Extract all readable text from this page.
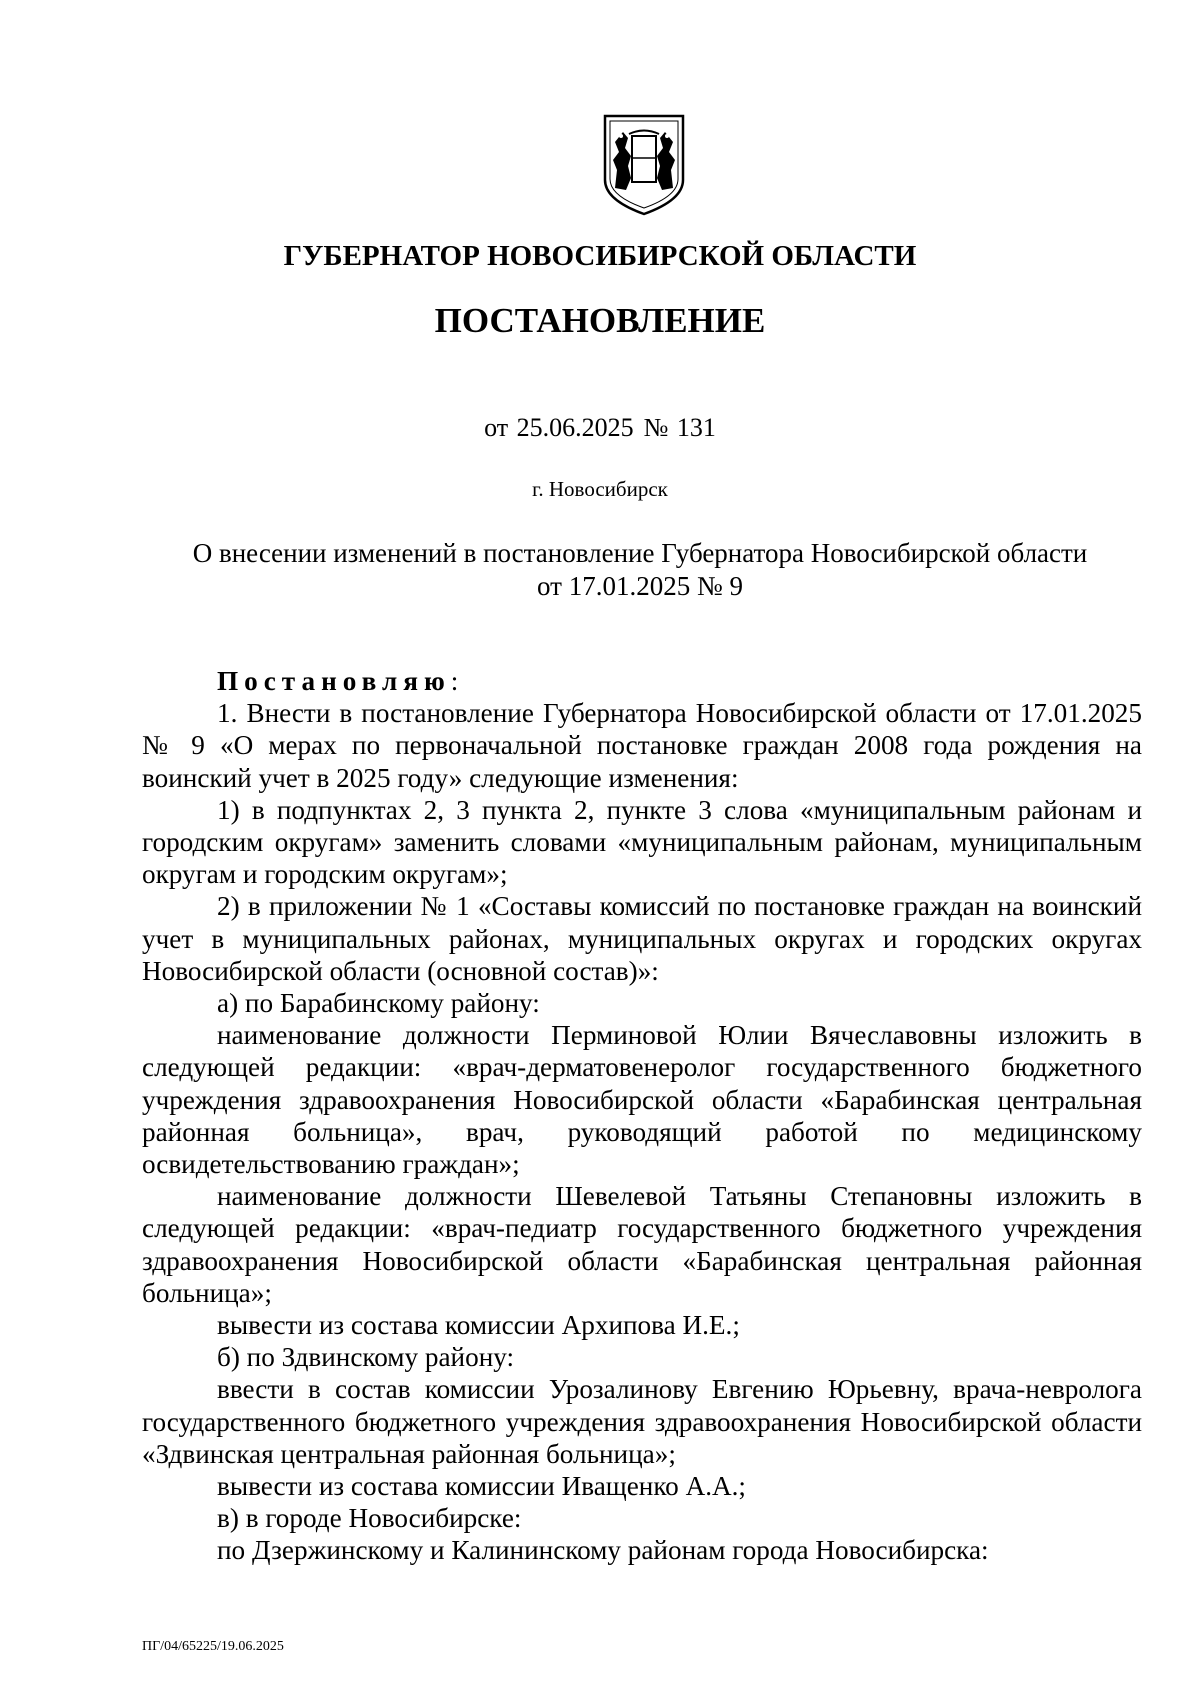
ГУБЕРНАТОР НОВОСИБИРСКОЙ ОБЛАСТИ
ПОСТАНОВЛЕНИЕ
от 25.06.2025 № 131
г. Новосибирск
О внесении изменений в постановление Губернатора Новосибирской области
от 17.01.2025 № 9

Постановляю:

1. Внести в постановление Губернатора Новосибирской области от 17.01.2025 № 9 «О мерах по первоначальной постановке граждан 2008 года рождения на воинский учет в 2025 году» следующие изменения:

1) в подпунктах 2, 3 пункта 2, пункте 3 слова «муниципальным районам и городским округам» заменить словами «муниципальным районам, муниципальным округам и городским округам»;

2) в приложении № 1 «Составы комиссий по постановке граждан на воинский учет в муниципальных районах, муниципальных округах и городских округах Новосибирской области (основной состав)»:

а) по Барабинскому району:

наименование должности Перминовой Юлии Вячеславовны изложить в следующей редакции: «врач-дерматовенеролог государственного бюджетного учреждения здравоохранения Новосибирской области «Барабинская центральная районная больница», врач, руководящий работой по медицинскому освидетельствованию граждан»;

наименование должности Шевелевой Татьяны Степановны изложить в следующей редакции: «врач-педиатр государственного бюджетного учреждения здравоохранения Новосибирской области «Барабинская центральная районная больница»;

вывести из состава комиссии Архипова И.Е.;

б) по Здвинскому району:

ввести в состав комиссии Урозалинову Евгению Юрьевну, врача-невролога государственного бюджетного учреждения здравоохранения Новосибирской области «Здвинская центральная районная больница»;

вывести из состава комиссии Иващенко А.А.;

в) в городе Новосибирске:

по Дзержинскому и Калининскому районам города Новосибирска:

ПГ/04/65225/19.06.2025
